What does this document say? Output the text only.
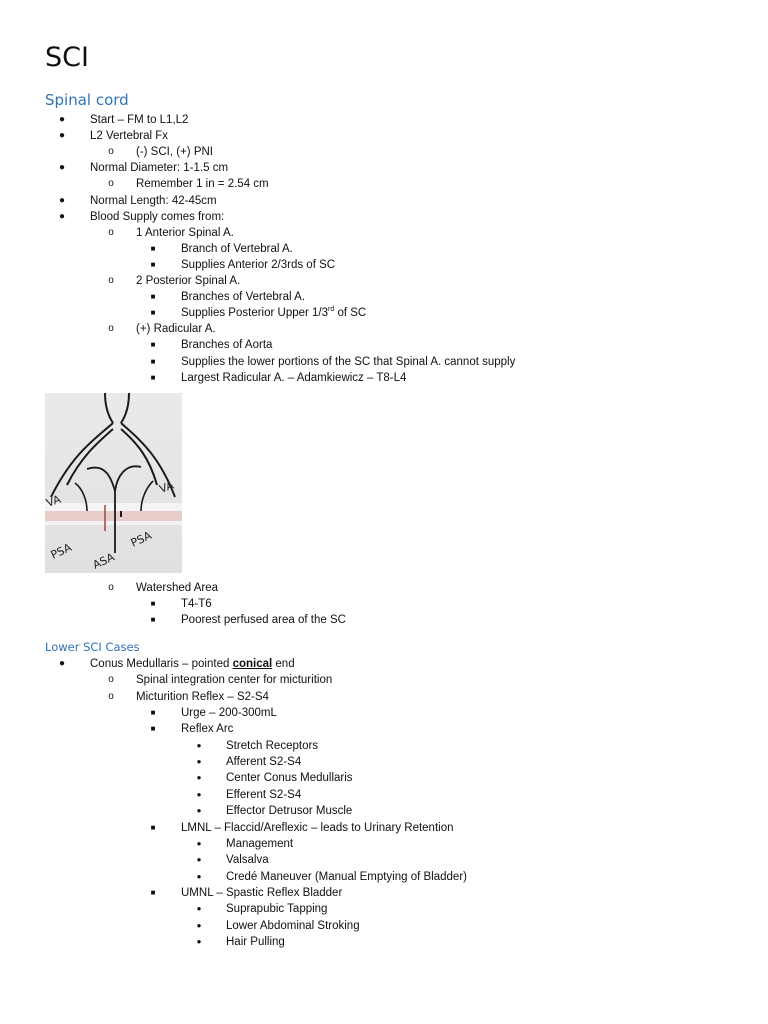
SCI
Spinal cord
●	Start – FM to L1,L2
●	L2 Vertebral Fx
o	(-) SCI, (+) PNI
●	Normal Diameter: 1-1.5 cm
o	Remember 1 in = 2.54 cm
●	Normal Length: 42-45cm
●	Blood Supply comes from:
o	1 Anterior Spinal A.
■	Branch of Vertebral A.
■	Supplies Anterior 2/3rds of SC
o	2 Posterior Spinal A.
■	Branches of Vertebral A.
■	Supplies Posterior Upper 1/3rd of SC
o	(+) Radicular A.
■	Branches of Aorta
■	Supplies the lower portions of the SC that Spinal A. cannot supply
■	Largest Radicular A. – Adamkiewicz – T8-L4
VA
VA
PSA ASA
PSA
o	Watershed Area
■	T4-T6
■	Poorest perfused area of the SC
Lower SCI Cases
●	Conus Medullaris – pointed conical end
o	Spinal integration center for micturition
o	Micturition Reflex – S2-S4
■	Urge – 200-300mL
■	Reflex Arc
●	Stretch Receptors
●	Afferent S2-S4
●	Center Conus Medullaris
●	Efferent S2-S4
●	Effector Detrusor Muscle
■	LMNL – Flaccid/Areflexic – leads to Urinary Retention
●	Management
●	Valsalva
●	Credé Maneuver (Manual Emptying of Bladder)
■	UMNL – Spastic Reflex Bladder
●	Suprapubic Tapping
●	Lower Abdominal Stroking
●	Hair Pulling
